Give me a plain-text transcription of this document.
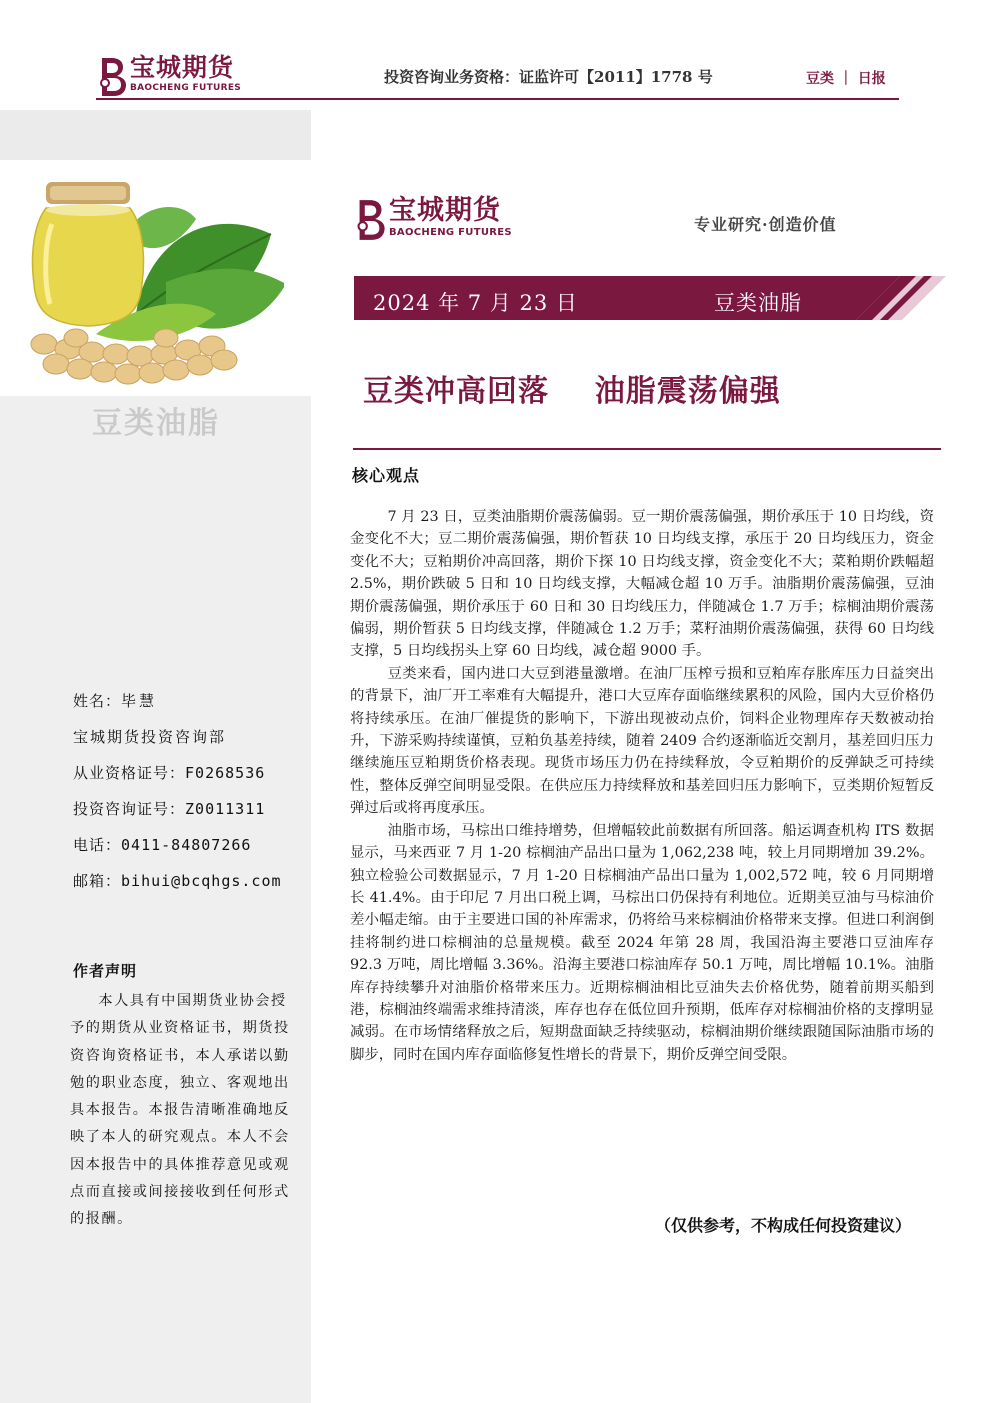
宝城期货
BAOCHENG FUTURES
投资咨询业务资格：证监许可【2011】1778 号	豆类 ｜ 日报
豆类油脂
姓名：毕慧
宝城期货投资咨询部
从业资格证号：F0268536
投资咨询证号：Z0011311
电话：0411-84807266
邮箱：bihui@bcqhgs.com
作者声明
本人具有中国期货业协会授予的期货从业资格证书，期货投资咨询资格证书，本人承诺以勤勉的职业态度，独立、客观地出具本报告。本报告清晰准确地反映了本人的研究观点。本人不会因本报告中的具体推荐意见或观点而直接或间接接收到任何形式的报酬。
宝城期货
BAOCHENG FUTURES	专业研究·创造价值
2024 年 7 月 23 日	豆类油脂
豆类冲高回落    油脂震荡偏强
核心观点

7 月 23 日，豆类油脂期价震荡偏弱。豆一期价震荡偏强，期价承压于 10 日均线，资金变化不大；豆二期价震荡偏强，期价暂获 10 日均线支撑，承压于 20 日均线压力，资金变化不大；豆粕期价冲高回落，期价下探 10 日均线支撑，资金变化不大；菜粕期价跌幅超 2.5%，期价跌破 5 日和 10 日均线支撑，大幅减仓超 10 万手。油脂期价震荡偏强，豆油期价震荡偏强，期价承压于 60 日和 30 日均线压力，伴随减仓 1.7 万手；棕榈油期价震荡偏弱，期价暂获 5 日均线支撑，伴随减仓 1.2 万手；菜籽油期价震荡偏强，获得 60 日均线支撑，5 日均线拐头上穿 60 日均线，减仓超 9000 手。

豆类来看，国内进口大豆到港量激增。在油厂压榨亏损和豆粕库存胀库压力日益突出的背景下，油厂开工率难有大幅提升，港口大豆库存面临继续累积的风险，国内大豆价格仍将持续承压。在油厂催提货的影响下，下游出现被动点价，饲料企业物理库存天数被动抬升，下游采购持续谨慎，豆粕负基差持续，随着 2409 合约逐渐临近交割月，基差回归压力继续施压豆粕期货价格表现。现货市场压力仍在持续释放，令豆粕期价的反弹缺乏可持续性，整体反弹空间明显受限。在供应压力持续释放和基差回归压力影响下，豆类期价短暂反弹过后或将再度承压。

油脂市场，马棕出口维持增势，但增幅较此前数据有所回落。船运调查机构 ITS 数据显示，马来西亚 7 月 1-20 棕榈油产品出口量为 1,062,238 吨，较上月同期增加 39.2%。独立检验公司数据显示，7 月 1-20 日棕榈油产品出口量为 1,002,572 吨，较 6 月同期增长 41.4%。由于印尼 7 月出口税上调，马棕出口仍保持有利地位。近期美豆油与马棕油价差小幅走缩。由于主要进口国的补库需求，仍将给马来棕榈油价格带来支撑。但进口利润倒挂将制约进口棕榈油的总量规模。截至 2024 年第 28 周，我国沿海主要港口豆油库存 92.3 万吨，周比增幅 3.36%。沿海主要港口棕油库存 50.1 万吨，周比增幅 10.1%。油脂库存持续攀升对油脂价格带来压力。近期棕榈油相比豆油失去价格优势，随着前期买船到港，棕榈油终端需求维持清淡，库存也存在低位回升预期，低库存对棕榈油价格的支撑明显减弱。在市场情绪释放之后，短期盘面缺乏持续驱动，棕榈油期价继续跟随国际油脂市场的脚步，同时在国内库存面临修复性增长的背景下，期价反弹空间受限。

（仅供参考，不构成任何投资建议）
